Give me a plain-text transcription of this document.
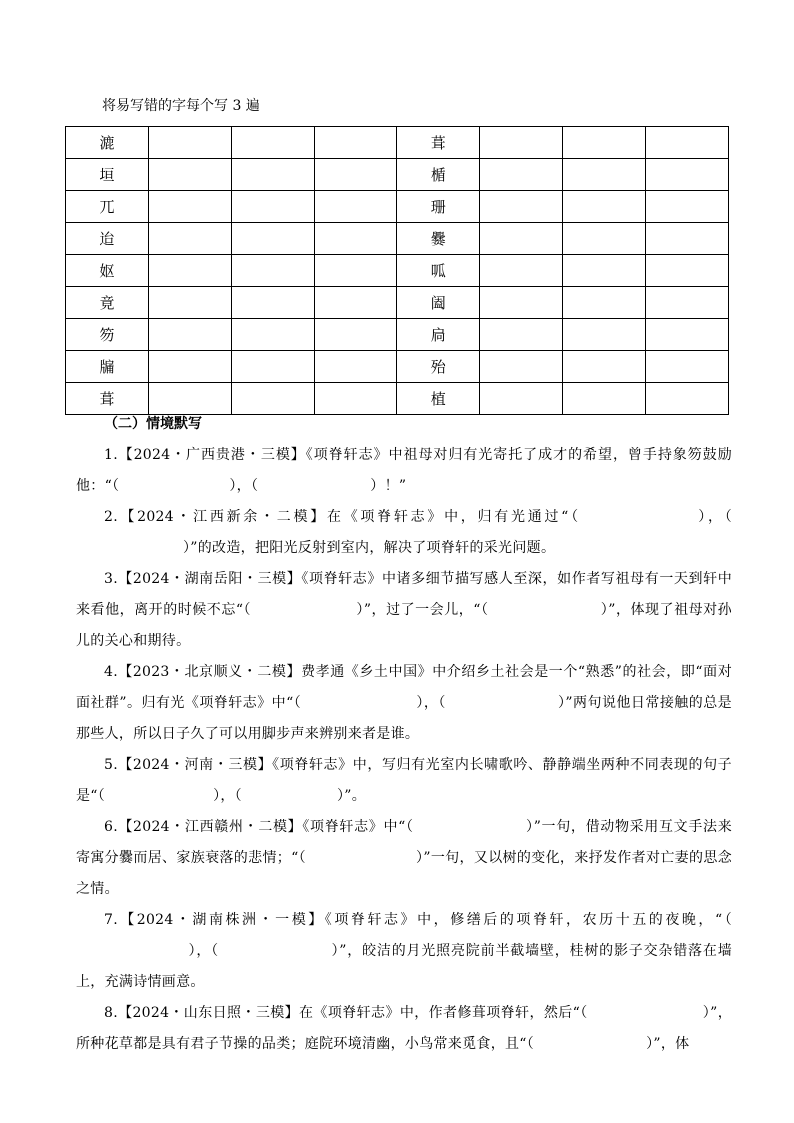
将易写错的字每个写 3 遍
漉				葺			
垣				楯			
兀				珊			
迨				爨			
妪				呱			
竟				阖			
笏				扃			
牖				殆			
葺				植			
（二）情境默写

1.【2024・广西贵港・三模】《项脊轩志》中祖母对归有光寄托了成才的希望，曾手持象笏鼓励他：“（	），（	）！”

2.【2024・江西新余・二模】在《项脊轩志》中，归有光通过“（	），（）”的改造，把阳光反射到室内，解决了项脊轩的采光问题。

3.【2024・湖南岳阳・三模】《项脊轩志》中诸多细节描写感人至深，如作者写祖母有一天到轩中来看他，离开的时候不忘“（	）”，过了一会儿，“（	）”，体现了祖母对孙儿的关心和期待。

4.【2023・北京顺义・二模】费孝通《乡土中国》中介绍乡土社会是一个“熟悉”的社会，即“面对面社群”。归有光《项脊轩志》中“（	），（	）”两句说他日常接触的总是那些人，所以日子久了可以用脚步声来辨别来者是谁。

5.【2024・河南・三模】《项脊轩志》中，写归有光室内长啸歌吟、静静端坐两种不同表现的句子是“（	），（	）”。

6.【2024・江西赣州・二模】《项脊轩志》中“（	）”一句，借动物采用互文手法来寄寓分爨而居、家族衰落的悲情；“（	）”一句，又以树的变化，来抒发作者对亡妻的思念之情。

7.【2024・湖南株洲・一模】《项脊轩志》中，修缮后的项脊轩，农历十五的夜晚，“（），（	）”，皎洁的月光照亮院前半截墙壁，桂树的影子交杂错落在墙上，充满诗情画意。

8.【2024・山东日照・三模】在《项脊轩志》中，作者修葺项脊轩，然后“（	）”，所种花草都是具有君子节操的品类；庭院环境清幽，小鸟常来觅食，且“（	）”，体
